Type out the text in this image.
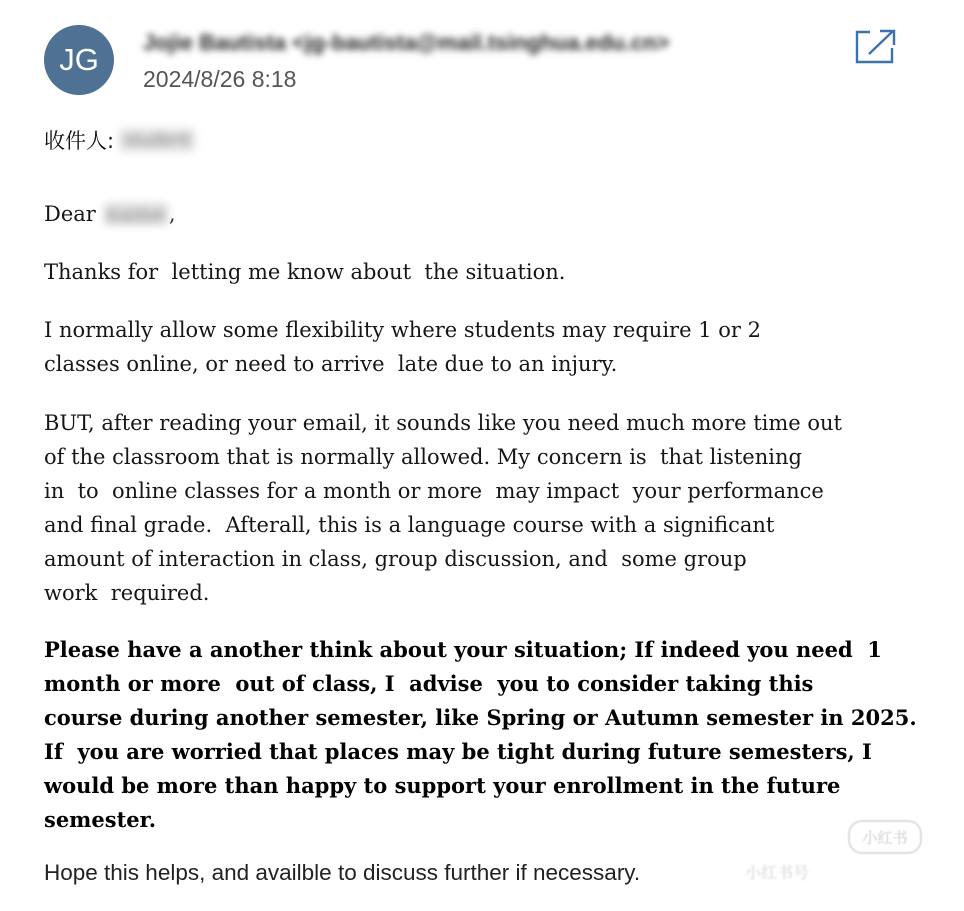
JG	Jojie Bautista <jg-bautista@mail.tsinghua.edu.cn>
2024/8/26 8:18
收件人: student
Dear name ,
Thanks for  letting me know about  the situation.
I normally allow some flexibility where students may require 1 or 2
classes online, or need to arrive  late due to an injury.
BUT, after reading your email, it sounds like you need much more time out
of the classroom that is normally allowed. My concern is  that listening
in  to  online classes for a month or more  may impact  your performance
and final grade.  Afterall, this is a language course with a significant
amount of interaction in class, group discussion, and  some group
work  required.
Please have a another think about your situation; If indeed you need  1
month or more  out of class, I  advise  you to consider taking this
course during another semester, like Spring or Autumn semester in 2025.
If  you are worried that places may be tight during future semesters, I
would be more than happy to support your enrollment in the future
semester.
Hope this helps, and availble to discuss further if necessary.
小红书
小红书号
